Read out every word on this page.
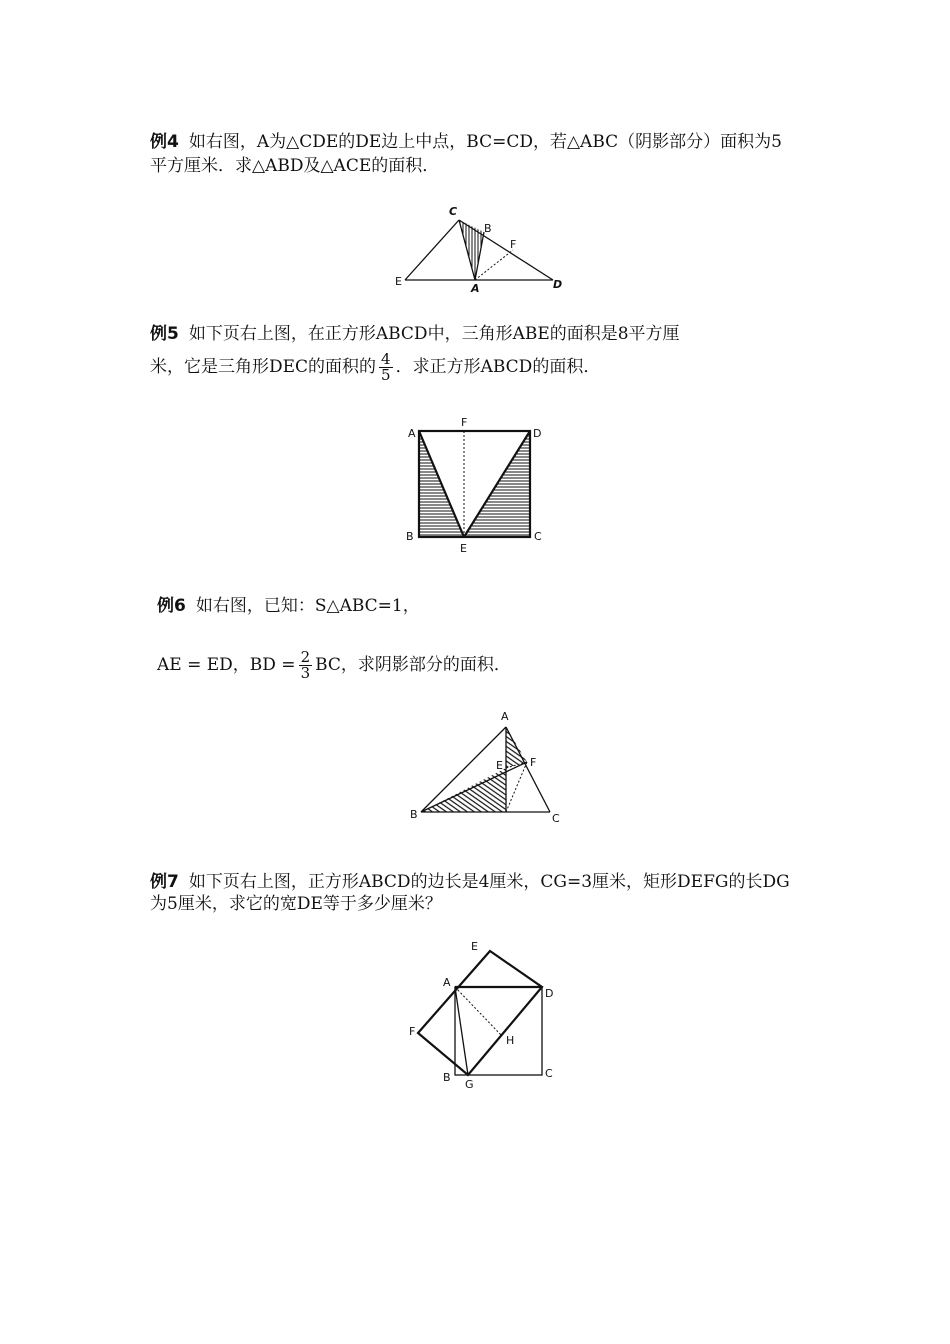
例4 如右图，A为△CDE的DE边上中点，BC=CD，若△ABC（阴影部分）面积为5
平方厘米．求△ABD及△ACE的面积．
C
B
F
E
A	D
例5 如下页右上图，在正方形ABCD中，三角形ABE的面积是8平方厘
米，它是三角形DEC的面积的 $\frac{4}{5}$ ．求正方形ABCD的面积．
A
F
D
B
E
C
例6 如右图，已知：S△ABC=1，
AE = ED，BD = $\frac{2}{3}$ BC，求阴影部分的面积．
A
E F
B	C
例7 如下页右上图，正方形ABCD的边长是4厘米，CG=3厘米，矩形DEFG的长DG
为5厘米，求它的宽DE等于多少厘米？
E
A
D
F
H
B
G
C
